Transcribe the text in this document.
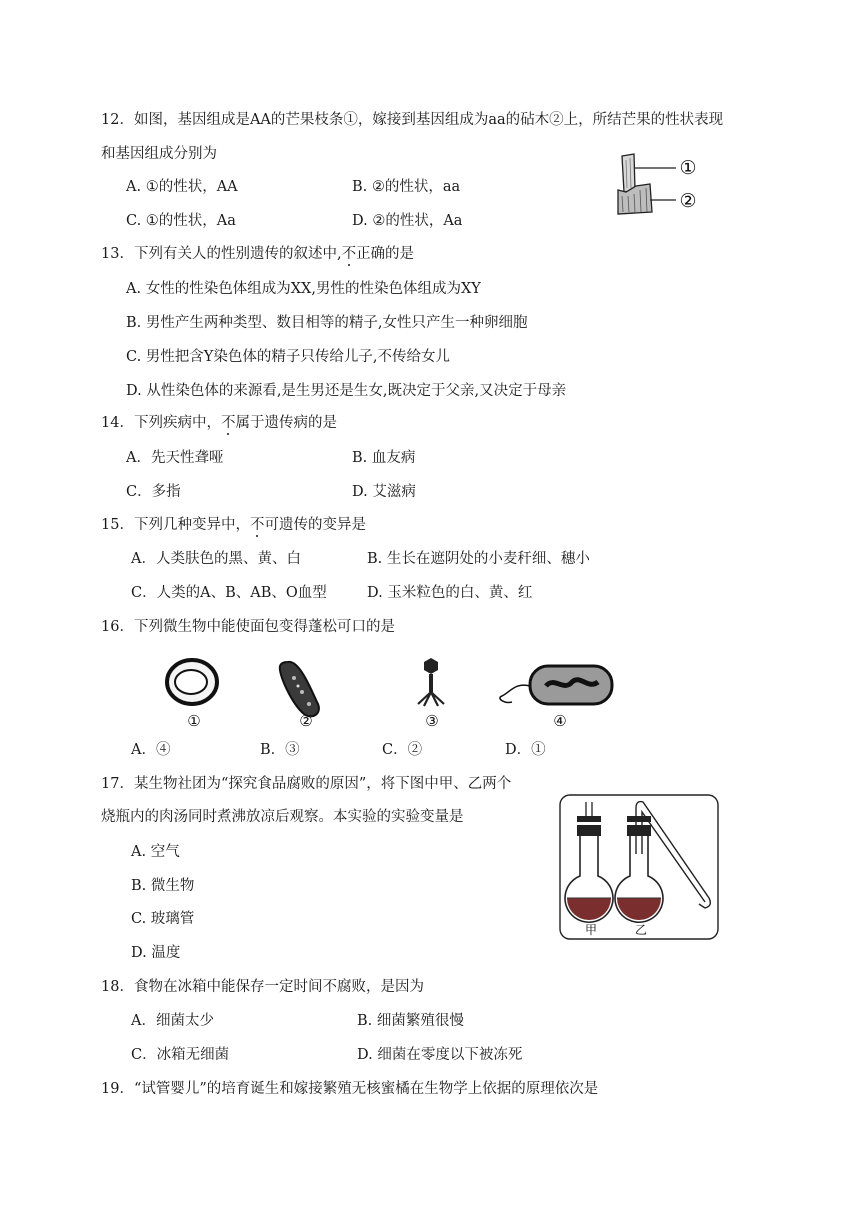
12．如图，基因组成是AA的芒果枝条①，嫁接到基因组成为aa的砧木②上，所结芒果的性状表现
和基因组成分别为
A. ①的性状，AA	B. ②的性状，aa
C. ①的性状，Aa	D. ②的性状，Aa
①
②
13．下列有关人的性别遗传的叙述中,不正确的是
A. 女性的性染色体组成为XX,男性的性染色体组成为XY
B. 男性产生两种类型、数目相等的精子,女性只产生一种卵细胞
C. 男性把含Y染色体的精子只传给儿子,不传给女儿
D. 从性染色体的来源看,是生男还是生女,既决定于父亲,又决定于母亲
14．下列疾病中，不属于遗传病的是
A．先天性聋哑	B. 血友病
C．多指	D. 艾滋病
15．下列几种变异中，不可遗传的变异是
A．人类肤色的黑、黄、白	B. 生长在遮阴处的小麦秆细、穗小
C．人类的A、B、AB、O血型	D. 玉米粒色的白、黄、红
16．下列微生物中能使面包变得蓬松可口的是
①	②	③	④
A．④	B．③	C．②	D．①
17．某生物社团为“探究食品腐败的原因”，将下图中甲、乙两个
烧瓶内的肉汤同时煮沸放凉后观察。本实验的实验变量是
A. 空气
B. 微生物
C. 玻璃管
D. 温度
甲	乙
18．食物在冰箱中能保存一定时间不腐败，是因为
A．细菌太少	B. 细菌繁殖很慢
C．冰箱无细菌	D. 细菌在零度以下被冻死
19．“试管婴儿”的培育诞生和嫁接繁殖无核蜜橘在生物学上依据的原理依次是
